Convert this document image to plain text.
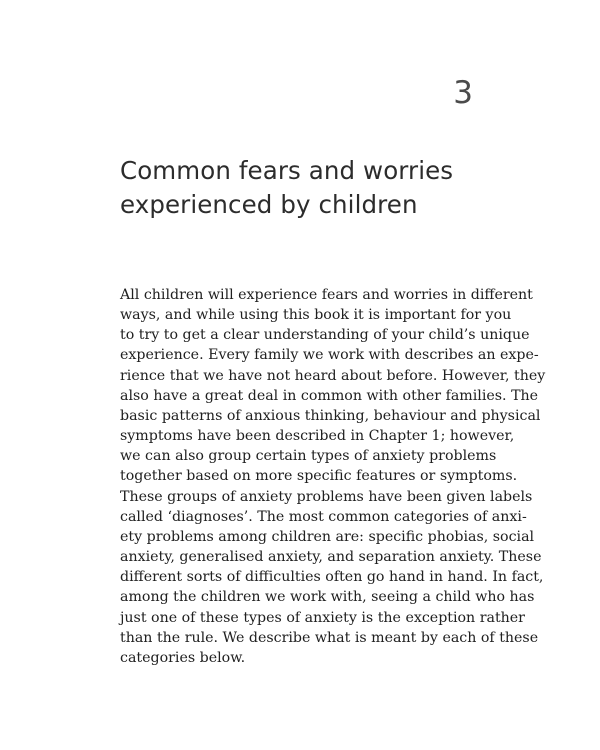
3
Common fears and worries
experienced by children
All children will experience fears and worries in different
ways, and while using this book it is important for you
to try to get a clear understanding of your child’s unique
experience. Every family we work with describes an expe-
rience that we have not heard about before. However, they
also have a great deal in common with other families. The
basic patterns of anxious thinking, behaviour and physical
symptoms have been described in Chapter 1; however,
we can also group certain types of anxiety problems
together based on more specific features or symptoms.
These groups of anxiety problems have been given labels
called ‘diagnoses’. The most common categories of anxi-
ety problems among children are: specific phobias, social
anxiety, generalised anxiety, and separation anxiety. These
different sorts of difficulties often go hand in hand. In fact,
among the children we work with, seeing a child who has
just one of these types of anxiety is the exception rather
than the rule. We describe what is meant by each of these
categories below.
